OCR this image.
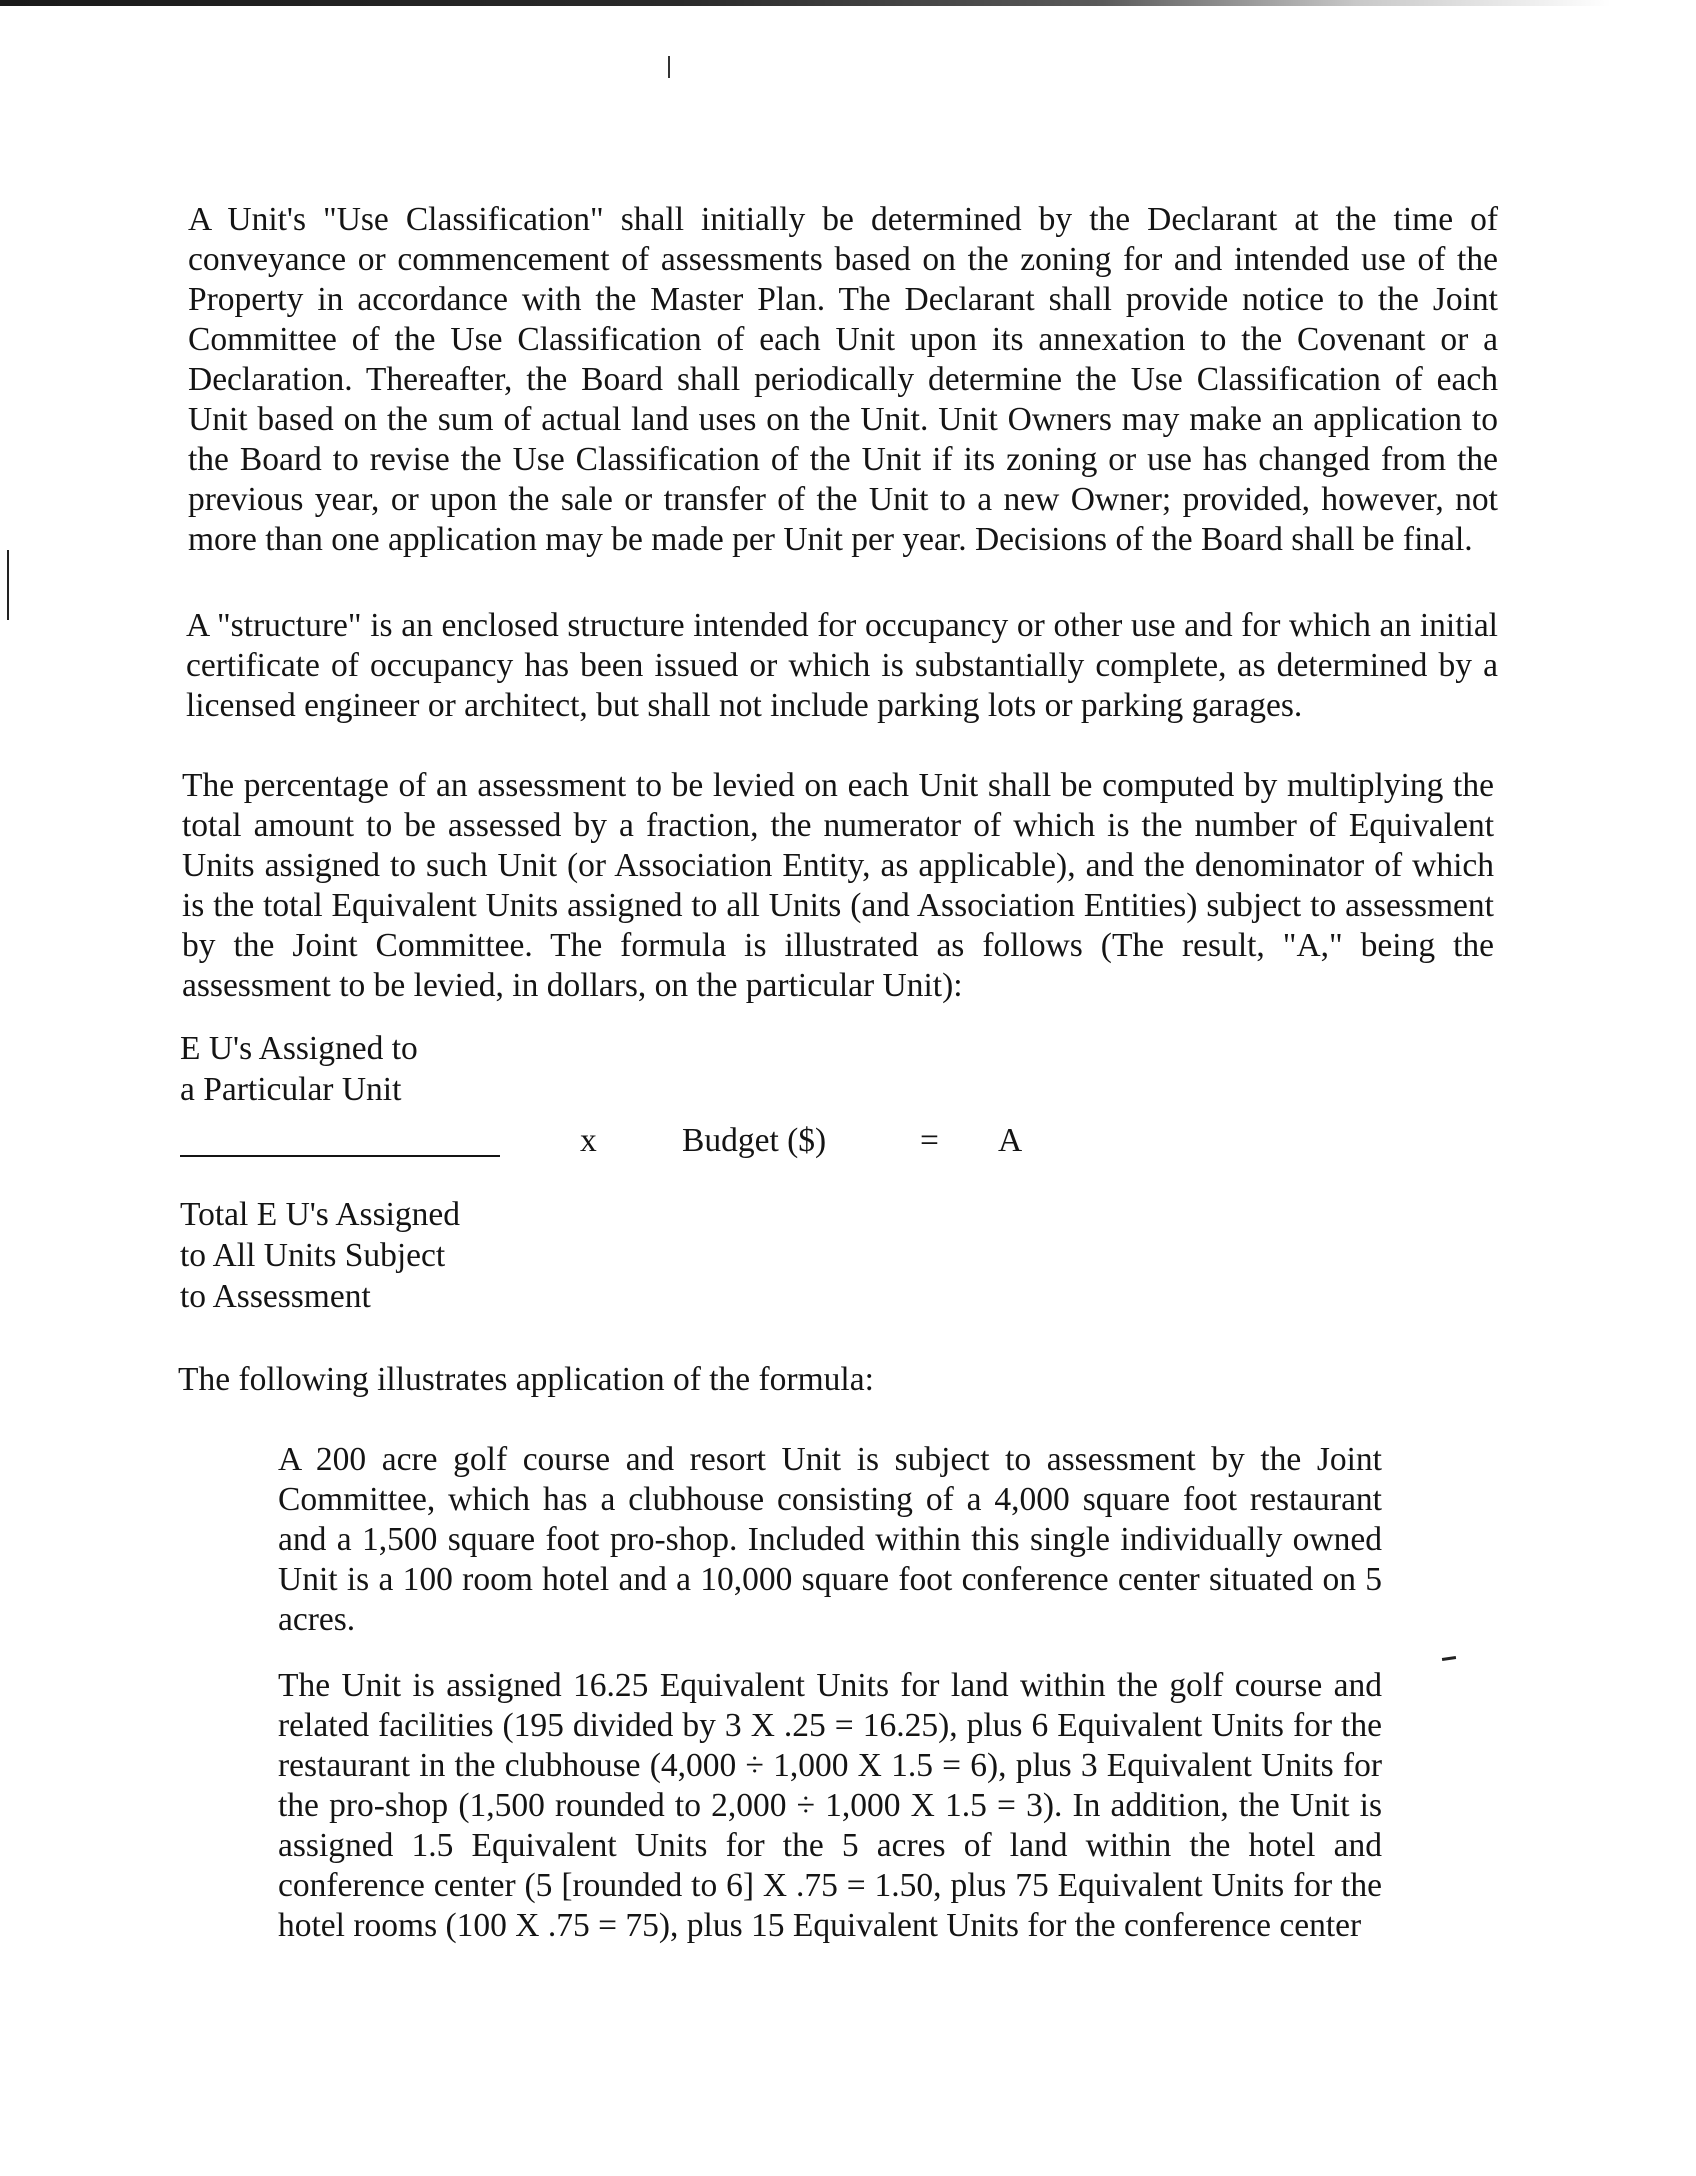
A Unit's "Use Classification" shall initially be determined by the Declarant at the time of conveyance or commencement of assessments based on the zoning for and intended use of the Property in accordance with the Master Plan. The Declarant shall provide notice to the Joint Committee of the Use Classification of each Unit upon its annexation to the Covenant or a Declaration. Thereafter, the Board shall periodically determine the Use Classification of each Unit based on the sum of actual land uses on the Unit. Unit Owners may make an application to the Board to revise the Use Classification of the Unit if its zoning or use has changed from the previous year, or upon the sale or transfer of the Unit to a new Owner; provided, however, not more than one application may be made per Unit per year. Decisions of the Board shall be final.

A "structure" is an enclosed structure intended for occupancy or other use and for which an initial certificate of occupancy has been issued or which is substantially complete, as determined by a licensed engineer or architect, but shall not include parking lots or parking garages.

The percentage of an assessment to be levied on each Unit shall be computed by multiplying the total amount to be assessed by a fraction, the numerator of which is the number of Equivalent Units assigned to such Unit (or Association Entity, as applicable), and the denominator of which is the total Equivalent Units assigned to all Units (and Association Entities) subject to assessment by the Joint Committee. The formula is illustrated as follows (The result, "A," being the assessment to be levied, in dollars, on the particular Unit):

E U's Assigned to
a Particular Unit
x	Budget ($)	= A
Total E U's Assigned
to All Units Subject
to Assessment

The following illustrates application of the formula:

A 200 acre golf course and resort Unit is subject to assessment by the Joint Committee, which has a clubhouse consisting of a 4,000 square foot restaurant and a 1,500 square foot pro-shop. Included within this single individually owned Unit is a 100 room hotel and a 10,000 square foot conference center situated on 5 acres.

The Unit is assigned 16.25 Equivalent Units for land within the golf course and related facilities (195 divided by 3 X .25 = 16.25), plus 6 Equivalent Units for the restaurant in the clubhouse (4,000 ÷ 1,000 X 1.5 = 6), plus 3 Equivalent Units for the pro-shop (1,500 rounded to 2,000 ÷ 1,000 X 1.5 = 3). In addition, the Unit is assigned 1.5 Equivalent Units for the 5 acres of land within the hotel and conference center (5 [rounded to 6] X .75 = 1.50, plus 75 Equivalent Units for the hotel rooms (100 X .75 = 75), plus 15 Equivalent Units for the conference center
